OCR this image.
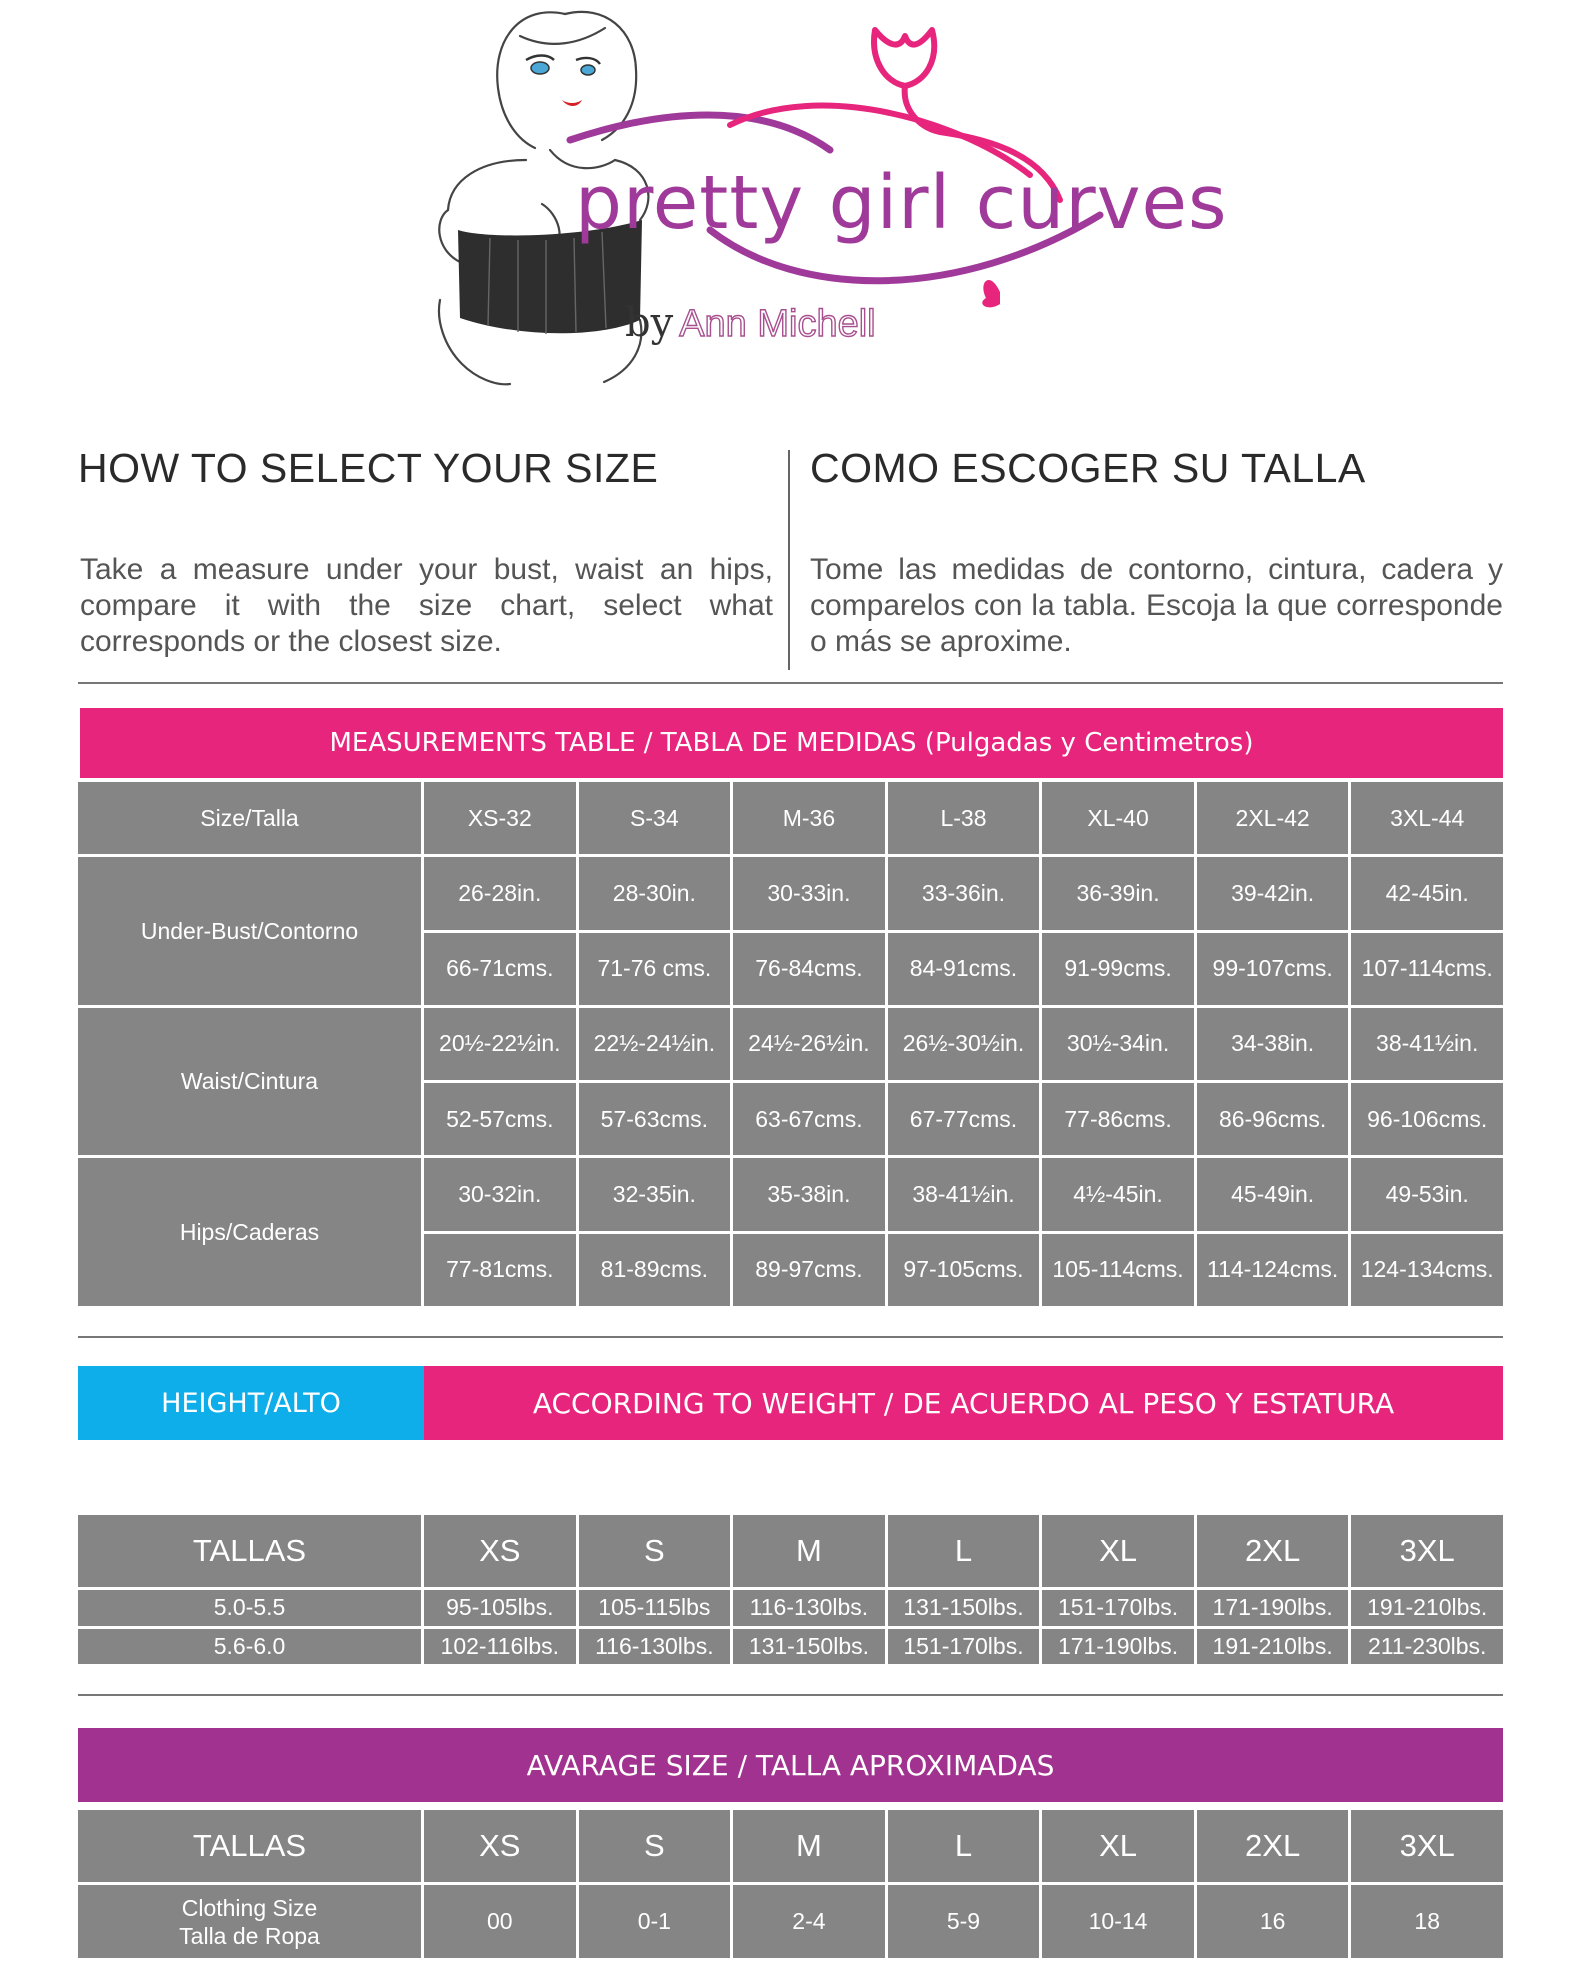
pretty girl curves
by Ann Michell
HOW TO SELECT YOUR SIZE	COMO ESCOGER SU TALLA
Take a measure under your bust, waist an hips, compare it with the size chart, select what corresponds or the closest size.
Tome las medidas de contorno, cintura, cadera y comparelos con la tabla. Escoja la que corresponde o más se aproxime.
MEASUREMENTS TABLE / TABLA DE MEDIDAS (Pulgadas y Centimetros)
Size/Talla	XS-32	S-34	M-36	L-38	XL-40	2XL-42	3XL-44
Under-Bust/Contorno
26-28in.	28-30in.	30-33in.	33-36in.	36-39in.	39-42in.	42-45in.
66-71cms.	71-76 cms.	76-84cms.	84-91cms.	91-99cms.	99-107cms.	107-114cms.
Waist/Cintura
20½-22½in.	22½-24½in.	24½-26½in.	26½-30½in.	30½-34in.	34-38in.	38-41½in.
52-57cms.	57-63cms.	63-67cms.	67-77cms.	77-86cms.	86-96cms.	96-106cms.
Hips/Caderas
30-32in.	32-35in.	35-38in.	38-41½in.	4½-45in.	45-49in.	49-53in.
77-81cms.	81-89cms.	89-97cms.	97-105cms.	105-114cms.	114-124cms. 124-134cms.
HEIGHT/ALTO	ACCORDING TO WEIGHT / DE ACUERDO AL PESO Y ESTATURA
TALLAS	XS	S	M	L	XL	2XL	3XL
5.0-5.5	95-105lbs.	105-115lbs	116-130lbs.	131-150lbs.	151-170lbs.	171-190lbs.	191-210lbs.
5.6-6.0	102-116lbs.	116-130lbs.	131-150lbs.	151-170lbs.	171-190lbs.	191-210lbs.	211-230lbs.
AVARAGE SIZE / TALLA APROXIMADAS
TALLAS	XS	S	M	L	XL	2XL	3XL
Clothing Size
Talla de Ropa
00	0-1	2-4	5-9	10-14	16	18
